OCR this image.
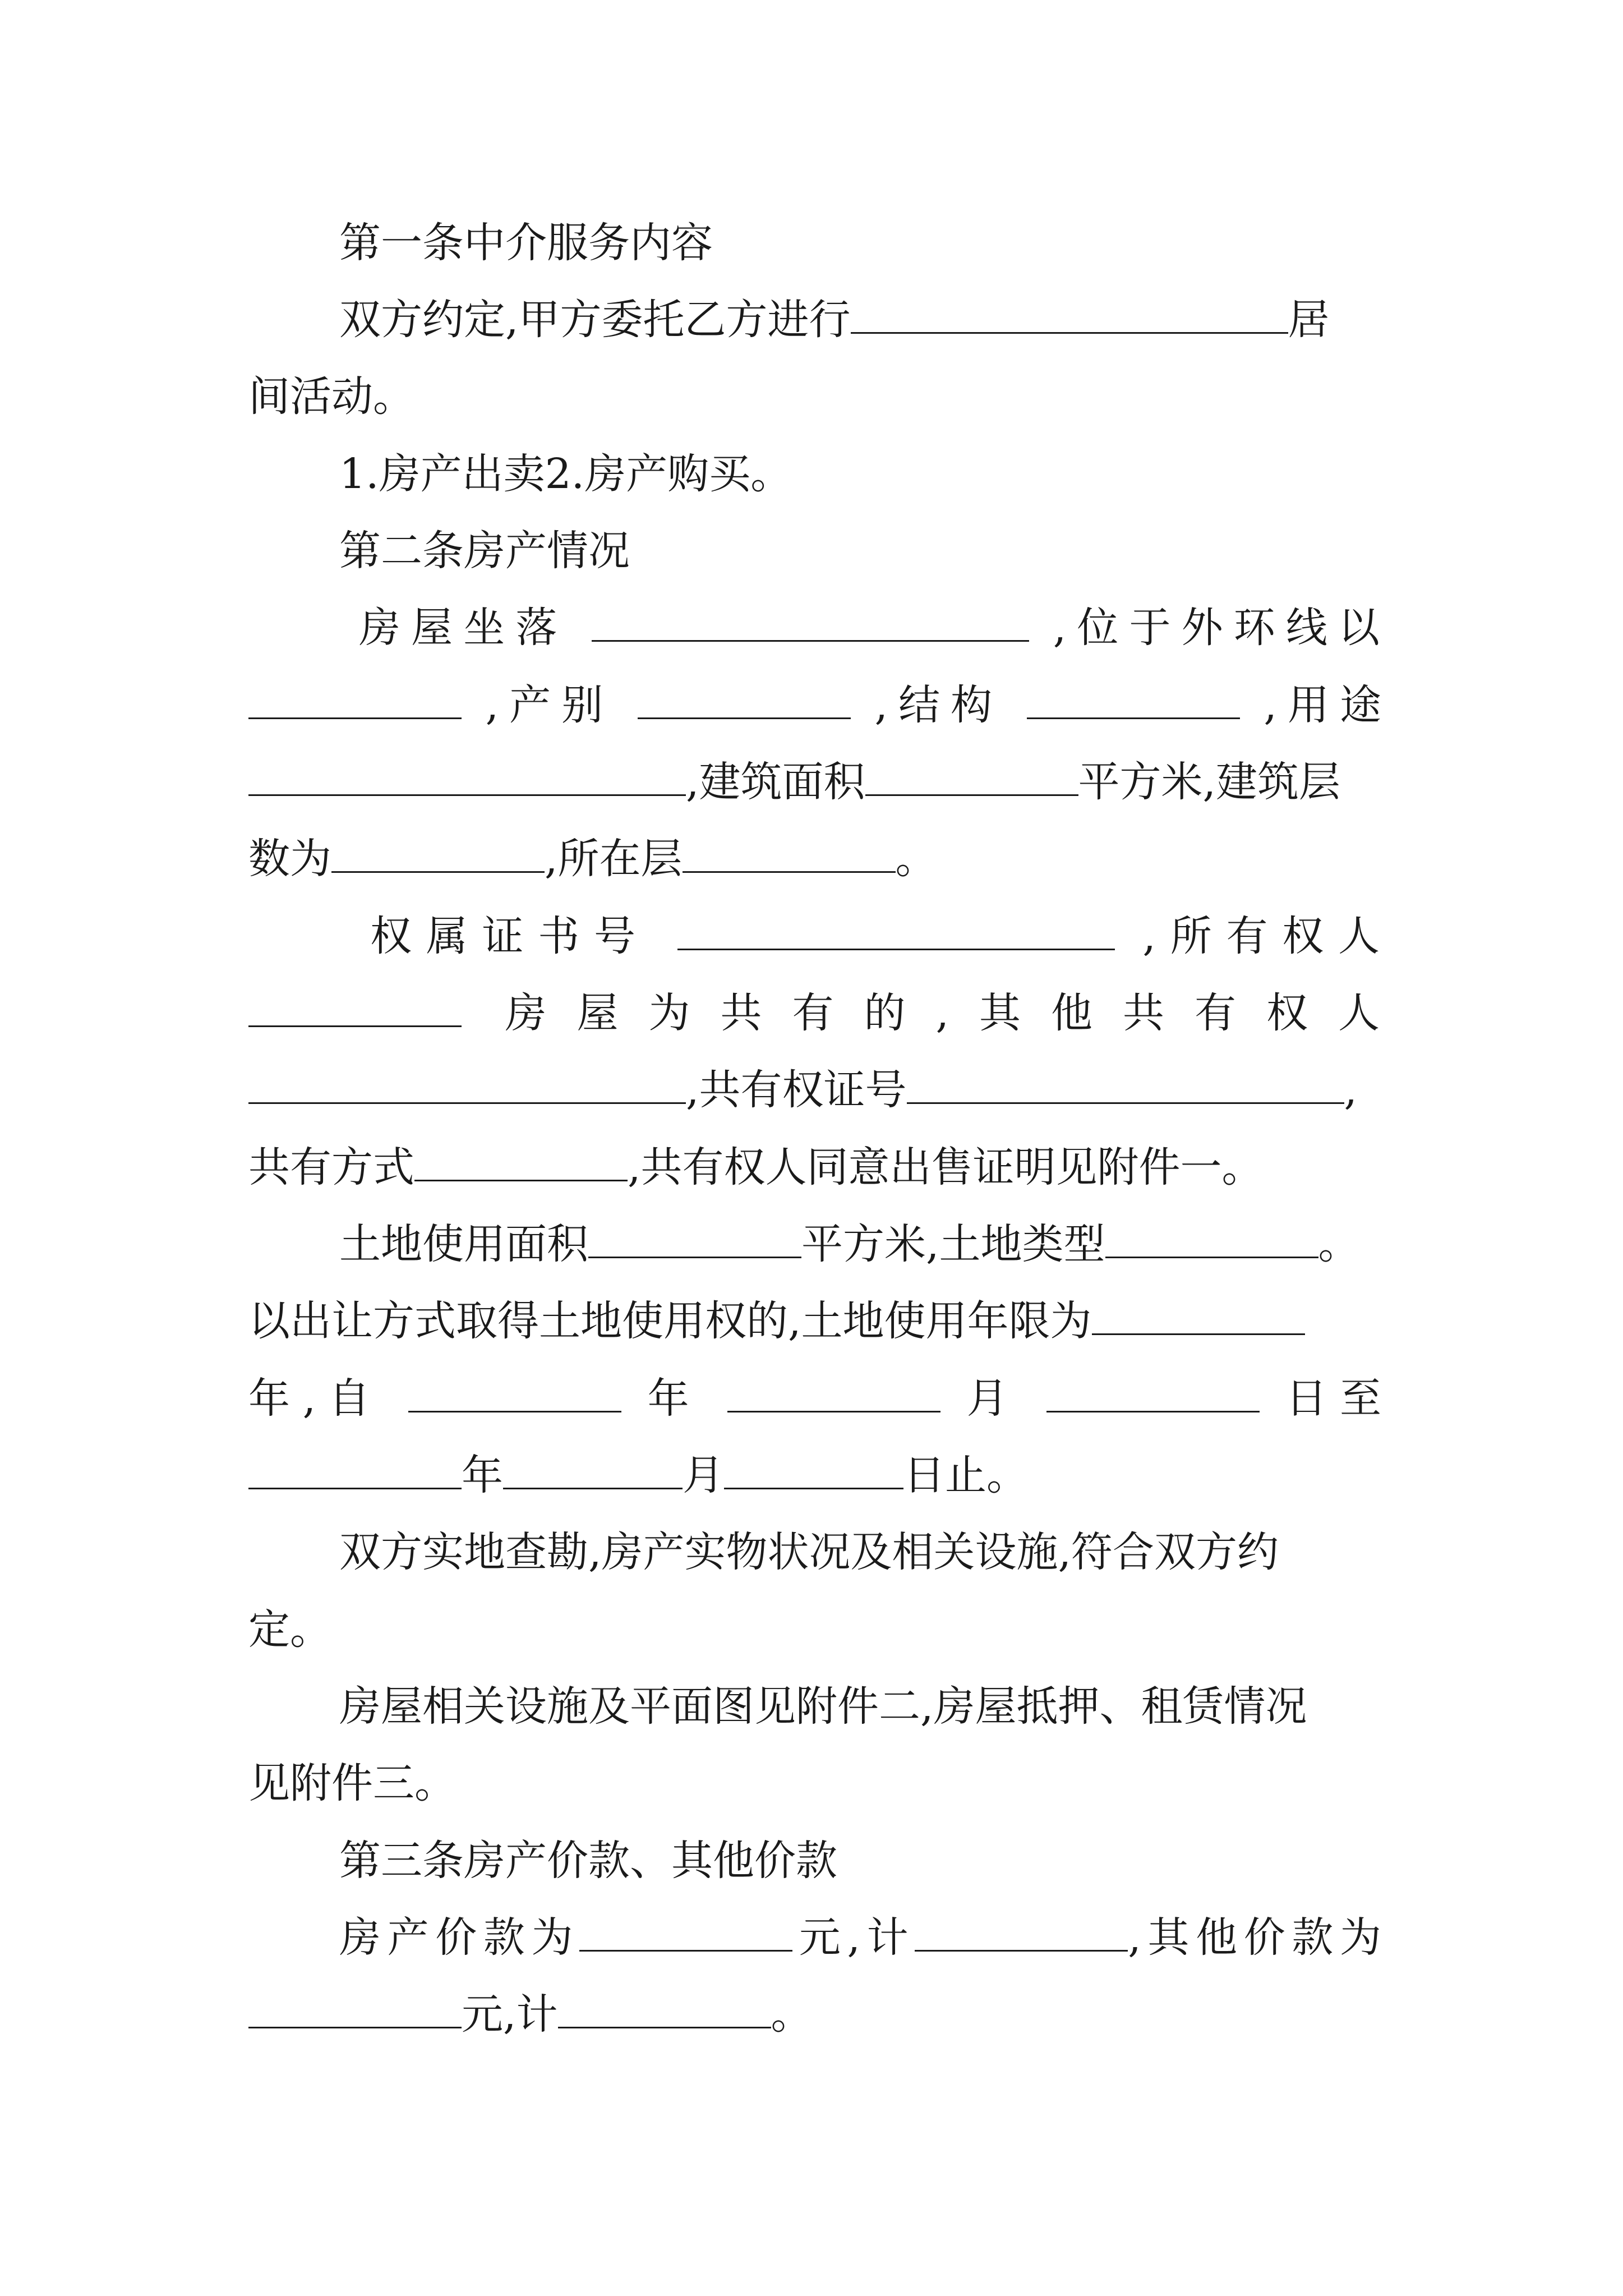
第一条中介服务内容
双方约定,甲方委托乙方进行	居
间活动。
1.房产出卖2.房产购买。
第二条房产情况
房屋坐落	,位于外环线以
,产别	,结构	,用途
,建筑面积	平方米,建筑层
数为	,所在层	。
权属证书号	,所有权人
房屋为共有的,其他共有权人
,共有权证号	,
共有方式	,共有权人同意出售证明见附件一。
土地使用面积	平方米,土地类型	。
以出让方式取得土地使用权的,土地使用年限为
年,自	年	月	日至
年	月	日止。
双方实地查勘,房产实物状况及相关设施,符合双方约
定。
房屋相关设施及平面图见附件二,房屋抵押、租赁情况
见附件三。
第三条房产价款、其他价款
房产价款为	元,计	,其他价款为
元,计	。
